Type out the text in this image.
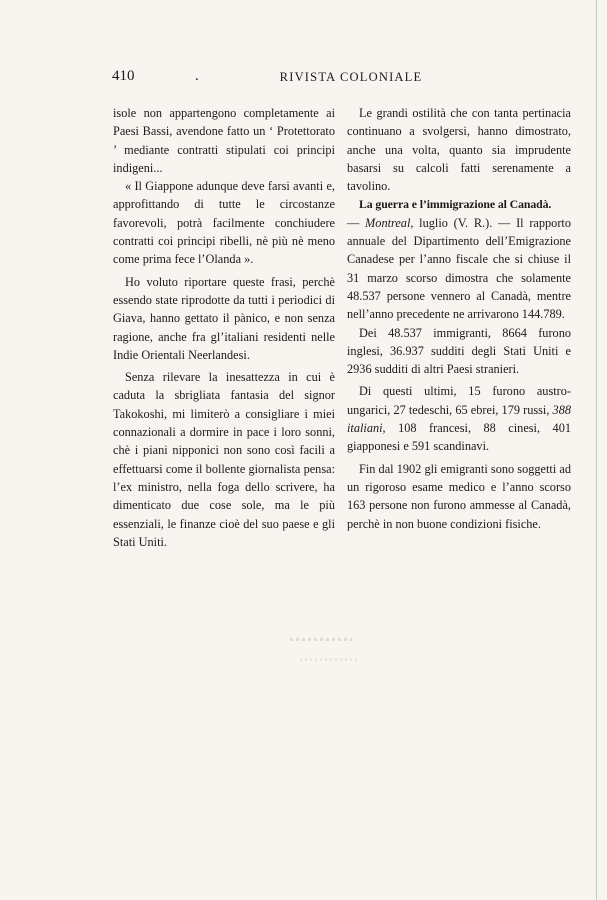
410	.	RIVISTA COLONIALE

isole non appartengono completamente ai Paesi Bassi, avendone fatto un ‘ Protettorato ’ mediante contratti stipulati coi principi indigeni...

« Il Giappone adunque deve farsi avanti e, approfittando di tutte le circostanze favorevoli, potrà facilmente conchiudere contratti coi principi ribelli, nè più nè meno come prima fece l’Olanda ».

Ho voluto riportare queste frasi, perchè essendo state riprodotte da tutti i periodici di Giava, hanno gettato il pànico, e non senza ragione, anche fra gl’italiani residenti nelle Indie Orientali Neerlandesi.

Senza rilevare la inesattezza in cui è caduta la sbrigliata fantasia del signor Takokoshi, mi limiterò a consigliare i miei connazionali a dormire in pace i loro sonni, chè i piani nipponici non sono così facili a effettuarsi come il bollente giornalista pensa: l’ex ministro, nella foga dello scrivere, ha dimenticato due cose sole, ma le più essenziali, le finanze cioè del suo paese e gli Stati Uniti.

Le grandi ostilità che con tanta pertinacia continuano a svolgersi, hanno dimostrato, anche una volta, quanto sia imprudente basarsi su calcoli fatti serenamente a tavolino.

La guerra e l’immigrazione al Canadà.

— Montreal, luglio (V. R.). — Il rapporto annuale del Dipartimento dell’Emigrazione Canadese per l’anno fiscale che si chiuse il 31 marzo scorso dimostra che solamente 48.537 persone vennero al Canadà, mentre nell’anno precedente ne arrivarono 144.789.

Dei 48.537 immigranti, 8664 furono inglesi, 36.937 sudditi degli Stati Uniti e 2936 sudditi di altri Paesi stranieri.

Di questi ultimi, 15 furono austro-ungarici, 27 tedeschi, 65 ebrei, 179 russi, 388 italiani, 108 francesi, 88 cinesi, 401 giapponesi e 591 scandinavi.

Fin dal 1902 gli emigranti sono soggetti ad un rigoroso esame medico e l’anno scorso 163 persone non furono ammesse al Canadà, perchè in non buone condizioni fisiche.
